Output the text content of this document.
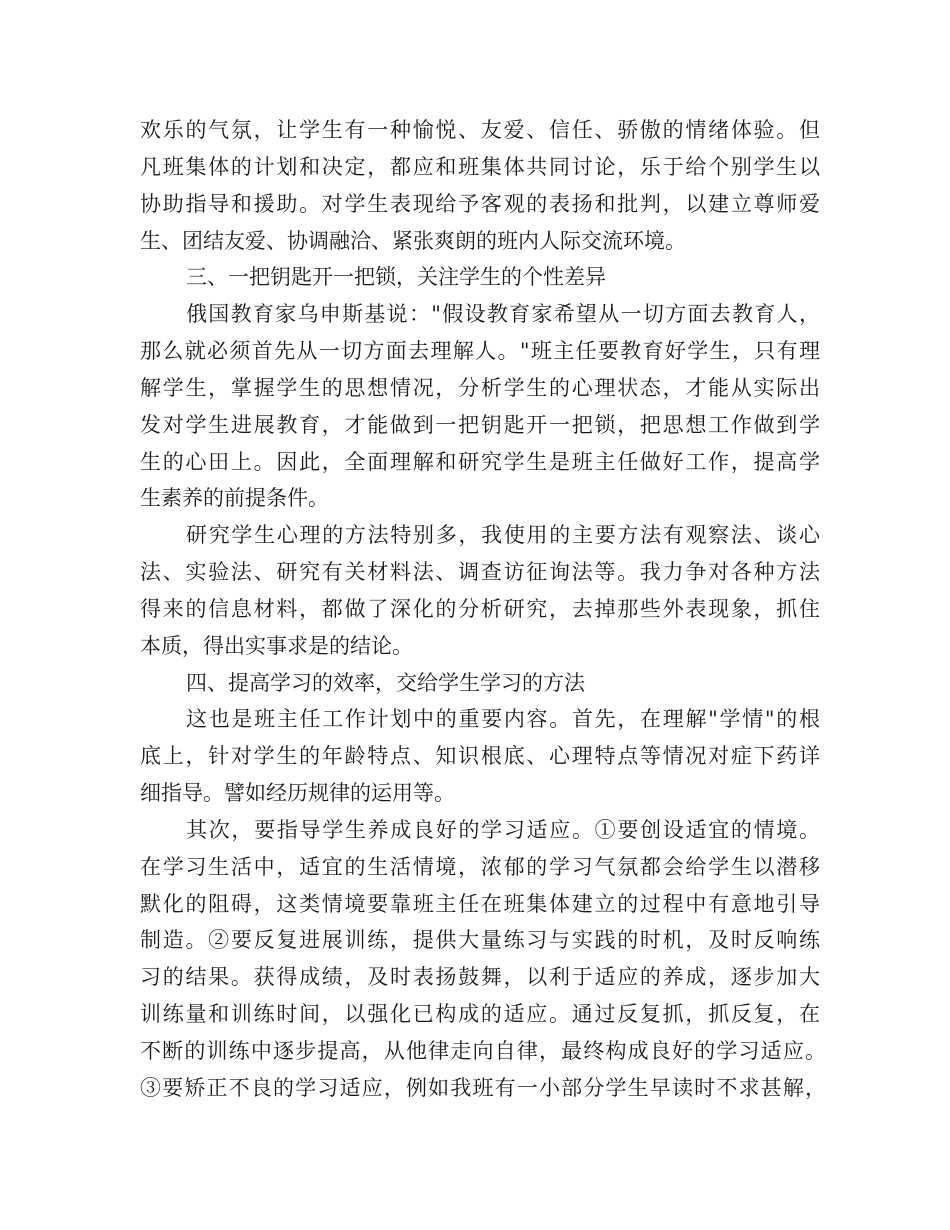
欢乐的气氛，让学生有一种愉悦、友爱、信任、骄傲的情绪体验。但
凡班集体的计划和决定，都应和班集体共同讨论，乐于给个别学生以
协助指导和援助。对学生表现给予客观的表扬和批判，以建立尊师爱
生、团结友爱、协调融洽、紧张爽朗的班内人际交流环境。
三、一把钥匙开一把锁，关注学生的个性差异
俄国教育家乌申斯基说："假设教育家希望从一切方面去教育人，
那么就必须首先从一切方面去理解人。"班主任要教育好学生，只有理
解学生，掌握学生的思想情况，分析学生的心理状态，才能从实际出
发对学生进展教育，才能做到一把钥匙开一把锁，把思想工作做到学
生的心田上。因此，全面理解和研究学生是班主任做好工作，提高学
生素养的前提条件。
研究学生心理的方法特别多，我使用的主要方法有观察法、谈心
法、实验法、研究有关材料法、调查访征询法等。我力争对各种方法
得来的信息材料，都做了深化的分析研究，去掉那些外表现象，抓住
本质，得出实事求是的结论。
四、提高学习的效率，交给学生学习的方法
这也是班主任工作计划中的重要内容。首先，在理解"学情"的根
底上，针对学生的年龄特点、知识根底、心理特点等情况对症下药详
细指导。譬如经历规律的运用等。
其次，要指导学生养成良好的学习适应。①要创设适宜的情境。
在学习生活中，适宜的生活情境，浓郁的学习气氛都会给学生以潜移
默化的阻碍，这类情境要靠班主任在班集体建立的过程中有意地引导
制造。②要反复进展训练，提供大量练习与实践的时机，及时反响练
习的结果。获得成绩，及时表扬鼓舞，以利于适应的养成，逐步加大
训练量和训练时间，以强化已构成的适应。通过反复抓，抓反复，在
不断的训练中逐步提高，从他律走向自律，最终构成良好的学习适应。
③要矫正不良的学习适应，例如我班有一小部分学生早读时不求甚解，
